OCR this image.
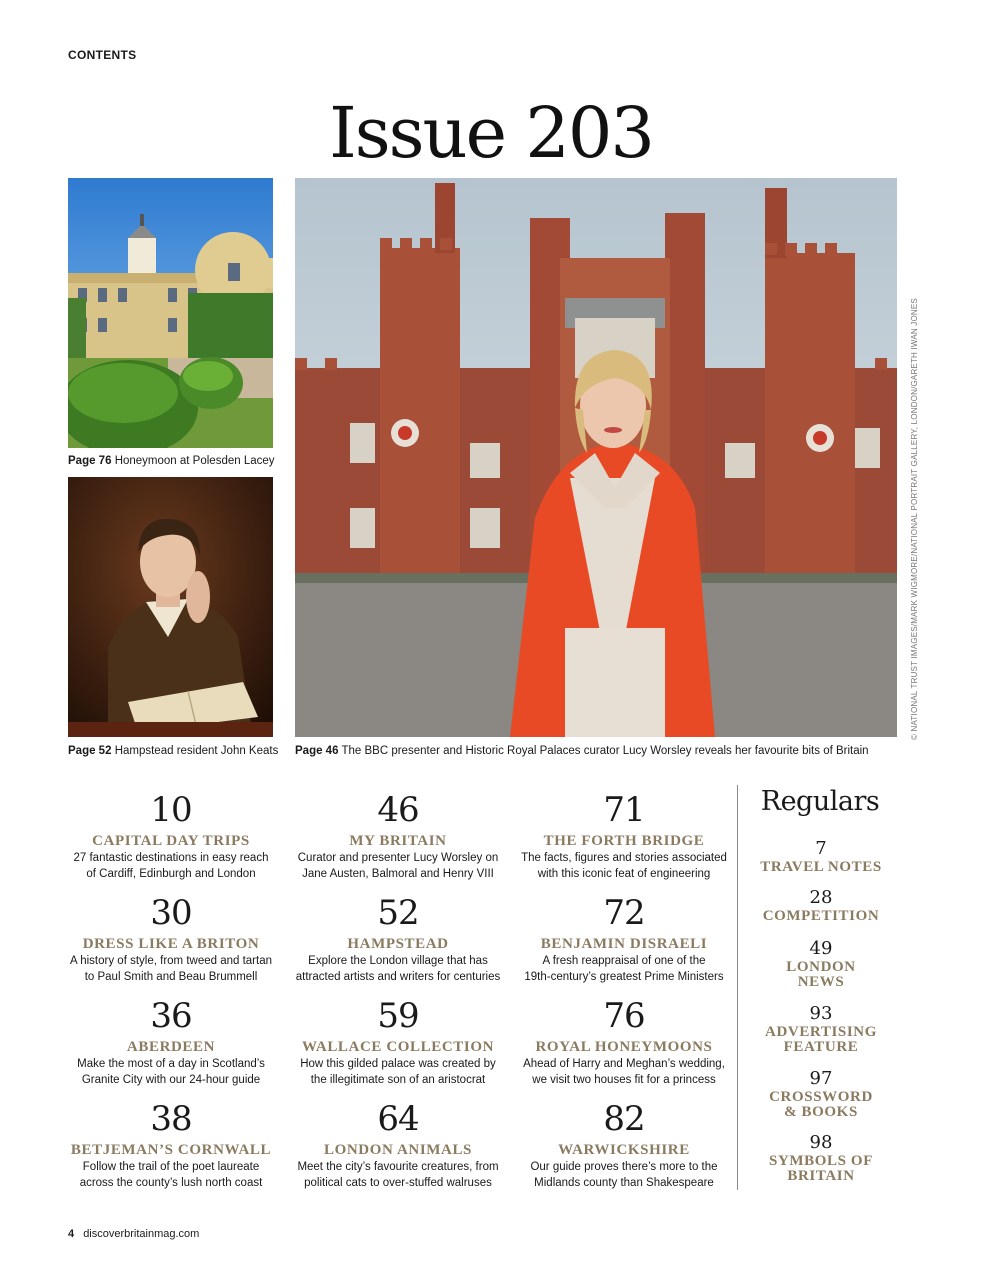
CONTENTS
Issue 203
Page 76 Honeymoon at Polesden Lacey
Page 52 Hampstead resident John Keats Page 46 The BBC presenter and Historic Royal Palaces curator Lucy Worsley reveals her favourite bits of Britain
© NATIONAL TRUST IMAGES/MARK WIGMORE/NATIONAL PORTRAIT GALLERY, LONDON/GARETH IWAN JONES
10
CAPITAL DAY TRIPS
27 fantastic destinations in easy reach
of Cardiff, Edinburgh and London
30
DRESS LIKE A BRITON
A history of style, from tweed and tartan
to Paul Smith and Beau Brummell
36
ABERDEEN
Make the most of a day in Scotland’s
Granite City with our 24-hour guide
38
BETJEMAN’S CORNWALL
Follow the trail of the poet laureate
across the county’s lush north coast
46
MY BRITAIN
Curator and presenter Lucy Worsley on
Jane Austen, Balmoral and Henry VIII
52
HAMPSTEAD
Explore the London village that has
attracted artists and writers for centuries
59
WALLACE COLLECTION
How this gilded palace was created by
the illegitimate son of an aristocrat
64
LONDON ANIMALS
Meet the city’s favourite creatures, from
political cats to over-stuffed walruses
71
THE FORTH BRIDGE
The facts, figures and stories associated
with this iconic feat of engineering
72
BENJAMIN DISRAELI
A fresh reappraisal of one of the
19th-century’s greatest Prime Ministers
76
ROYAL HONEYMOONS
Ahead of Harry and Meghan’s wedding,
we visit two houses fit for a princess
82
WARWICKSHIRE
Our guide proves there’s more to the
Midlands county than Shakespeare
Regulars
7
TRAVEL NOTES
28
COMPETITION
49
LONDON
NEWS
93
ADVERTISING
FEATURE
97
CROSSWORD
& BOOKS
98
SYMBOLS OF
BRITAIN
4 discoverbritainmag.com
